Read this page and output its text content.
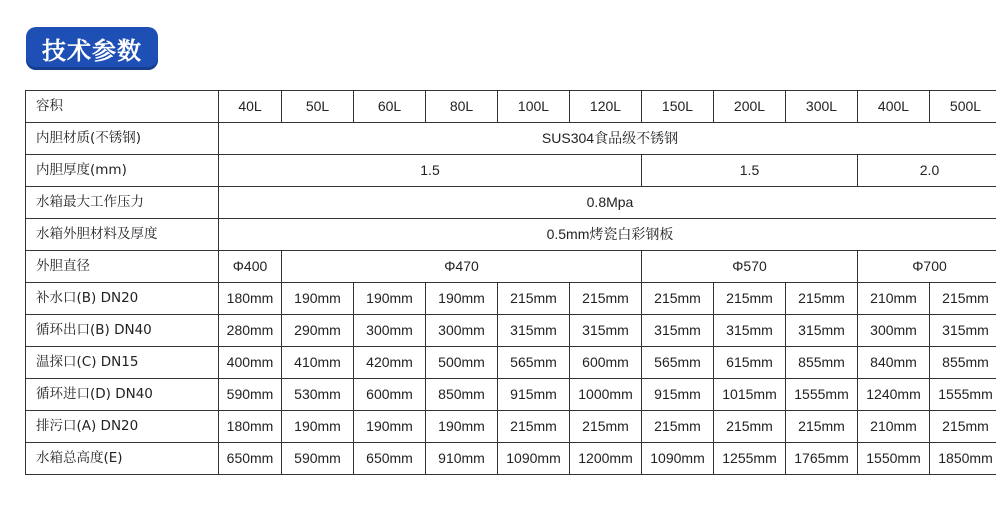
技术参数
容积	40L	50L	60L	80L	100L	120L	150L	200L	300L	400L	500L
内胆材质(不锈钢)	SUS304食品级不锈钢										
内胆厚度(mm)	1.5						1.5			2.0	
水箱最大工作压力	0.8Mpa										
水箱外胆材料及厚度	0.5mm烤瓷白彩钢板										
外胆直径	Φ400	Φ470					Φ570			Φ700	
补水口(B) DN20	180mm	190mm	190mm	190mm	215mm	215mm	215mm	215mm	215mm	210mm	215mm
循环出口(B) DN40	280mm	290mm	300mm	300mm	315mm	315mm	315mm	315mm	315mm	300mm	315mm
温探口(C) DN15	400mm	410mm	420mm	500mm	565mm	600mm	565mm	615mm	855mm	840mm	855mm
循环进口(D) DN40	590mm	530mm	600mm	850mm	915mm	1000mm	915mm	1015mm	1555mm	1240mm	1555mm
排污口(A) DN20	180mm	190mm	190mm	190mm	215mm	215mm	215mm	215mm	215mm	210mm	215mm
水箱总高度(E)	650mm	590mm	650mm	910mm	1090mm	1200mm	1090mm	1255mm	1765mm	1550mm	1850mm
